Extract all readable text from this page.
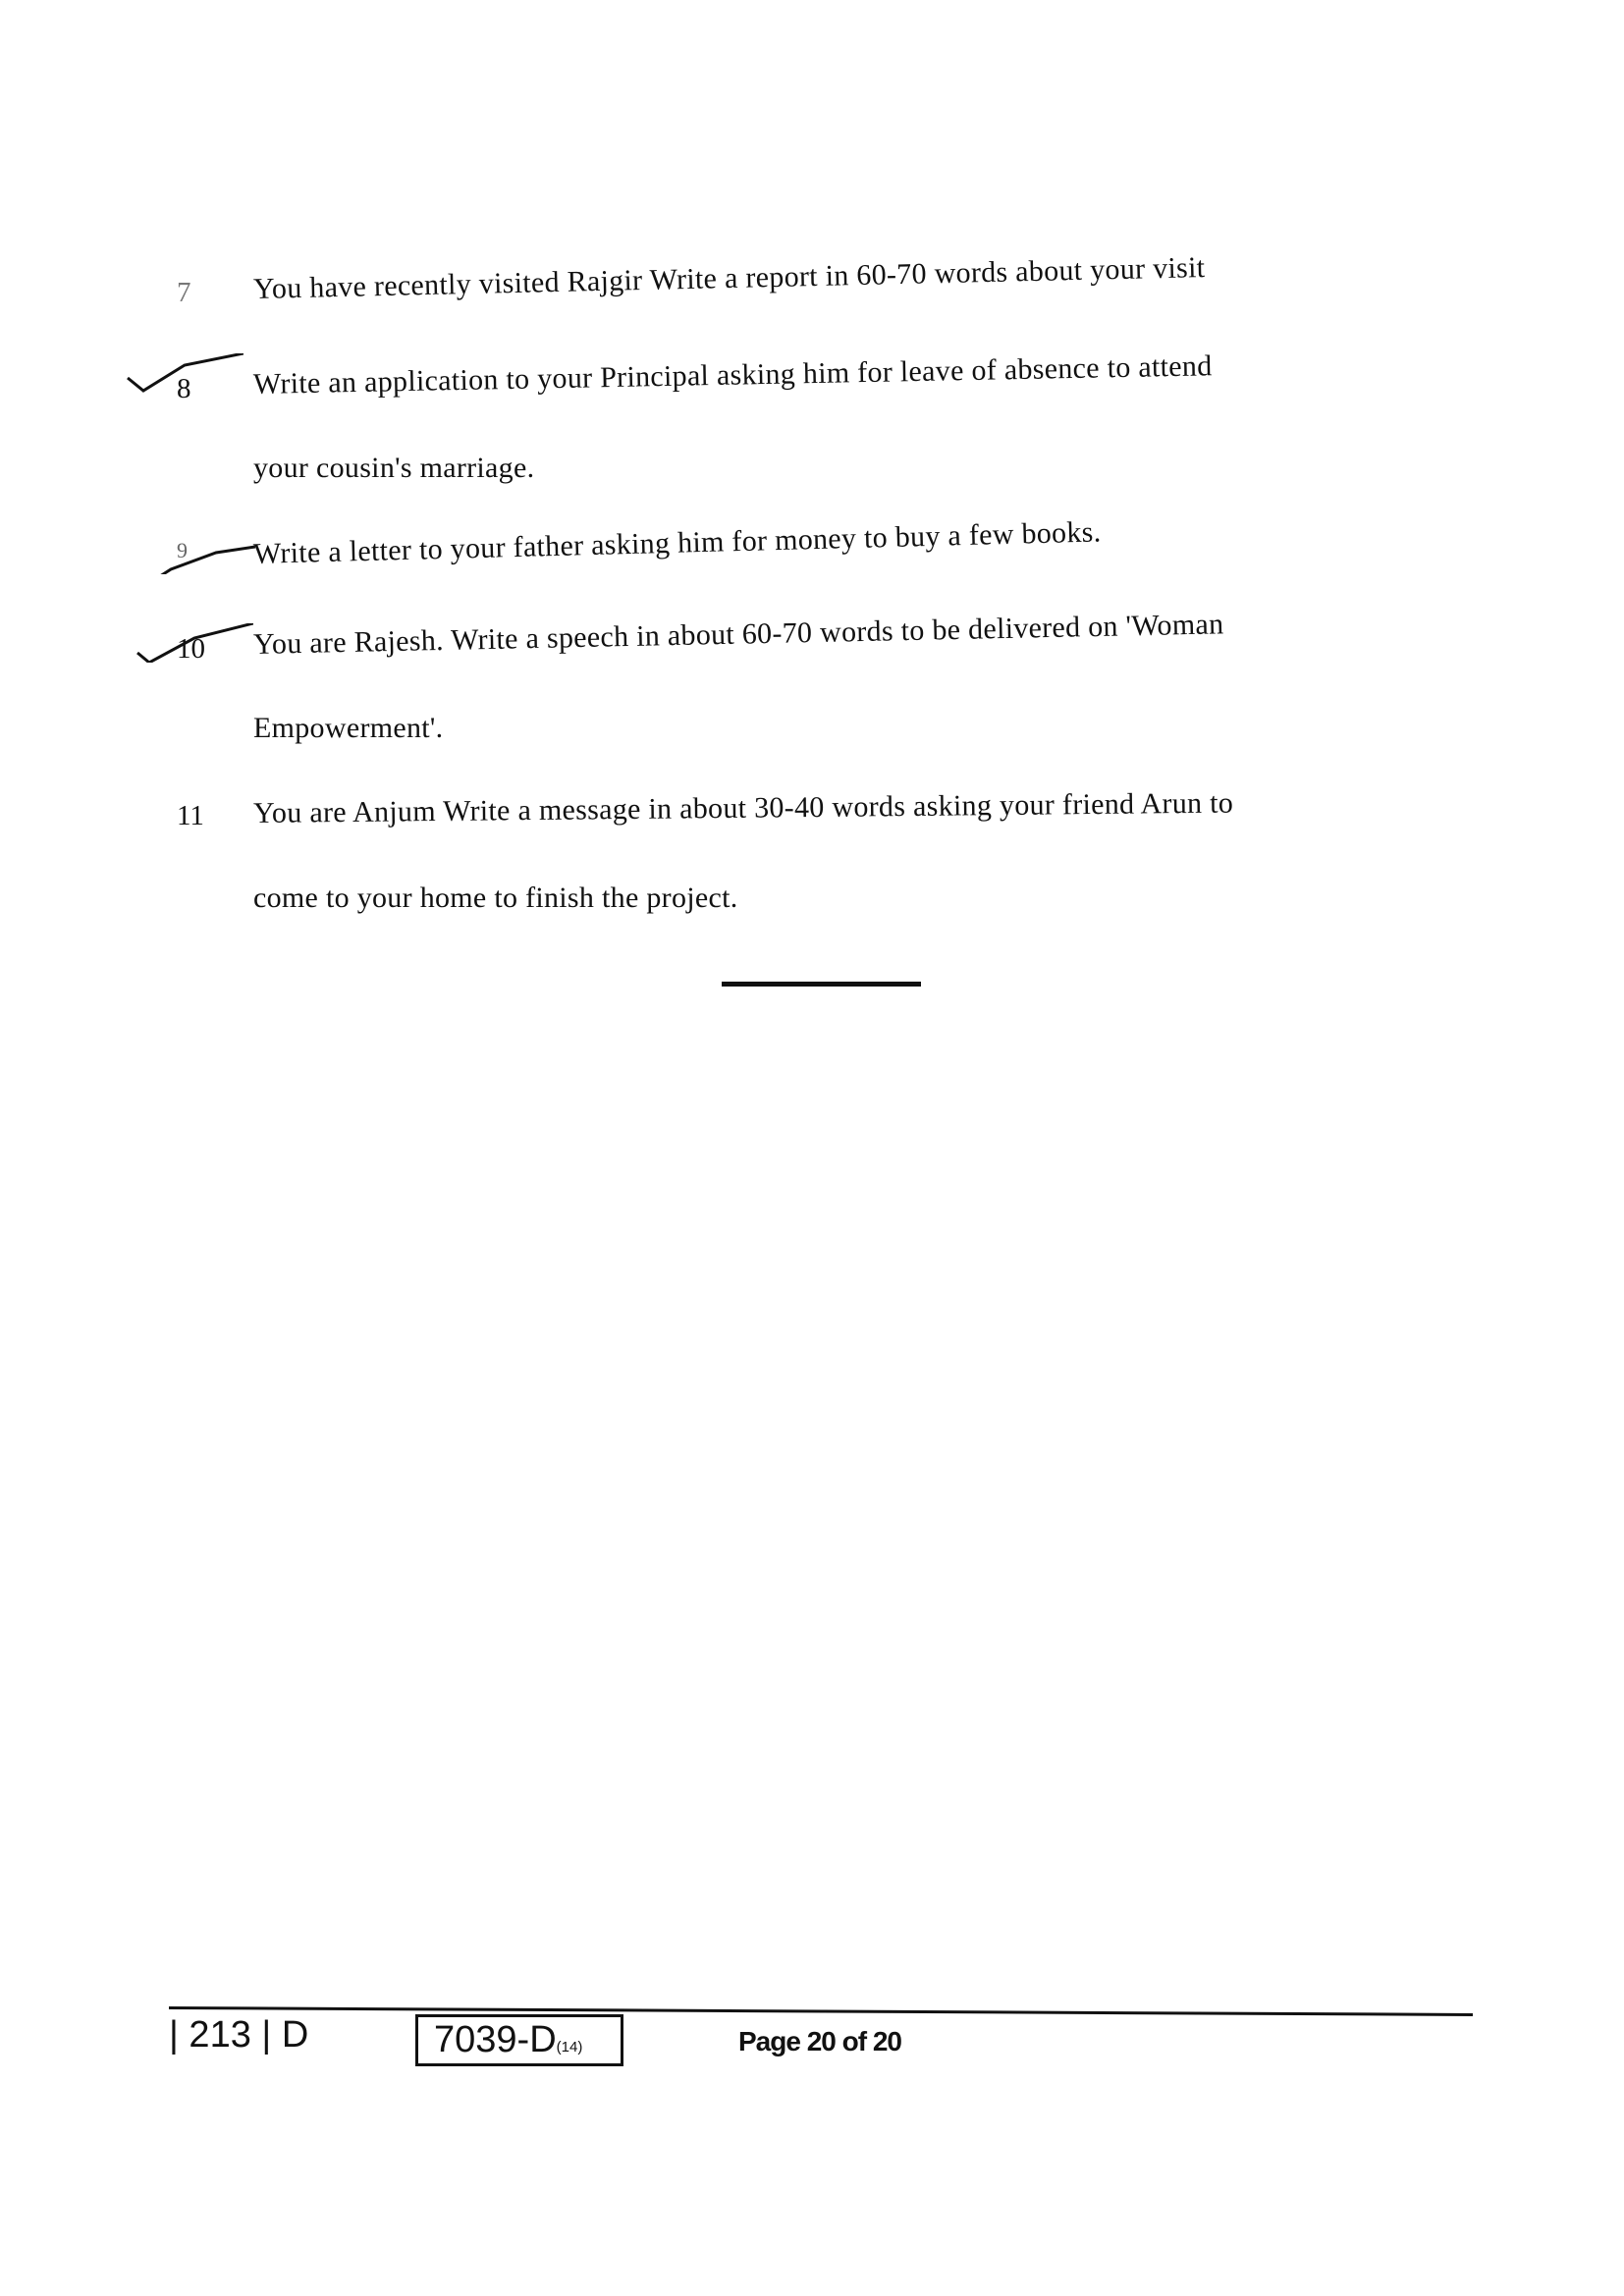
7 You have recently visited Rajgir Write a report in 60-70 words about your visit
8 Write an application to your Principal asking him for leave of absence to attend
your cousin's marriage.
9 Write a letter to your father asking him for money to buy a few books.
10 You are Rajesh. Write a speech in about 60-70 words to be delivered on 'Woman
Empowerment'.
11 You are Anjum Write a message in about 30-40 words asking your friend Arun to
come to your home to finish the project.
| 213 | D	7039-D(14)	Page 20 of 20
